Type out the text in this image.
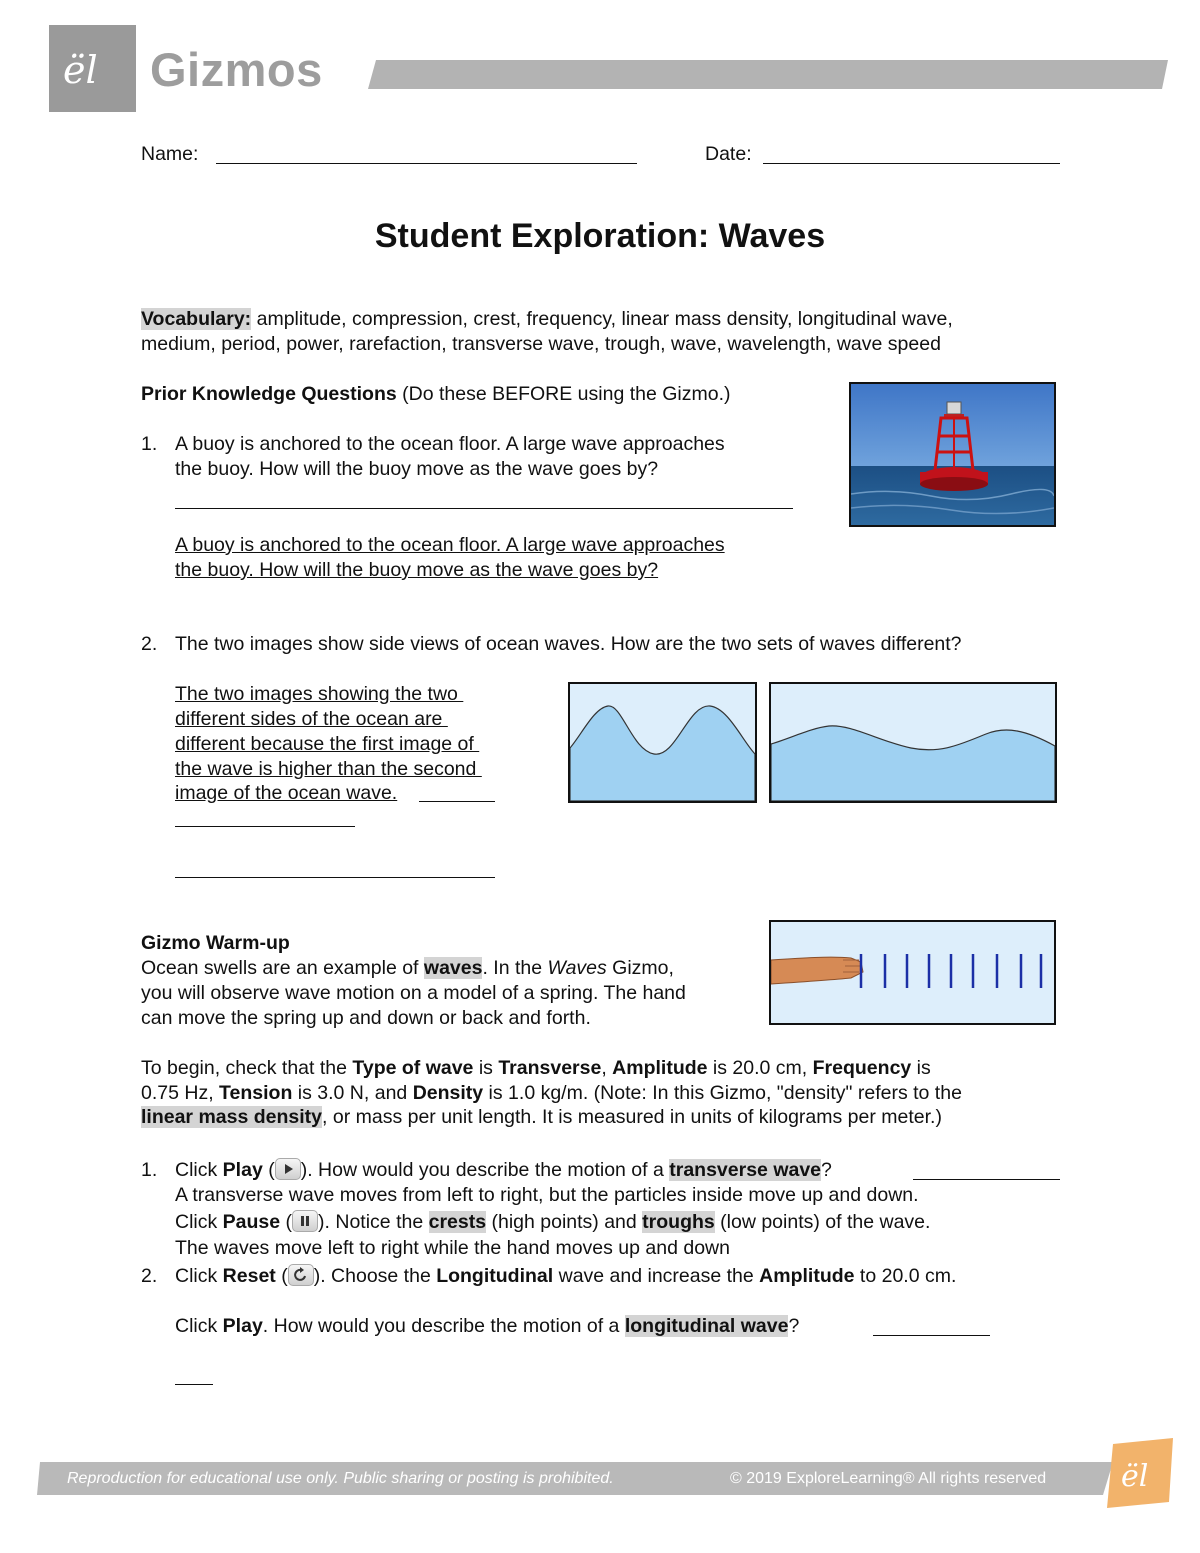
ël Gizmos
Name:	Date:
Student Exploration: Waves
Vocabulary: amplitude, compression, crest, frequency, linear mass density, longitudinal wave,
medium, period, power, rarefaction, transverse wave, trough, wave, wavelength, wave speed
Prior Knowledge Questions (Do these BEFORE using the Gizmo.)
1. A buoy is anchored to the ocean floor. A large wave approaches
the buoy. How will the buoy move as the wave goes by?
A buoy is anchored to the ocean floor. A large wave approaches
the buoy. How will the buoy move as the wave goes by?
2. The two images show side views of ocean waves. How are the two sets of waves different?
The two images showing the two
different sides of the ocean are
different because the first image of
the wave is higher than the second
image of the ocean wave.
Gizmo Warm-up
Ocean swells are an example of waves. In the Waves Gizmo,
you will observe wave motion on a model of a spring. The hand
can move the spring up and down or back and forth.
To begin, check that the Type of wave is Transverse, Amplitude is 20.0 cm, Frequency is
0.75 Hz, Tension is 3.0 N, and Density is 1.0 kg/m. (Note: In this Gizmo, "density" refers to the
linear mass density, or mass per unit length. It is measured in units of kilograms per meter.)
1. Click Play ( ). How would you describe the motion of a transverse wave?
A transverse wave moves from left to right, but the particles inside move up and down.
Click Pause ( ). Notice the crests (high points) and troughs (low points) of the wave.
The waves move left to right while the hand moves up and down
2. Click Reset ( ). Choose the Longitudinal wave and increase the Amplitude to 20.0 cm.
Click Play. How would you describe the motion of a longitudinal wave?
Reproduction for educational use only. Public sharing or posting is prohibited.	© 2019 ExploreLearning® All rights reserved ël
